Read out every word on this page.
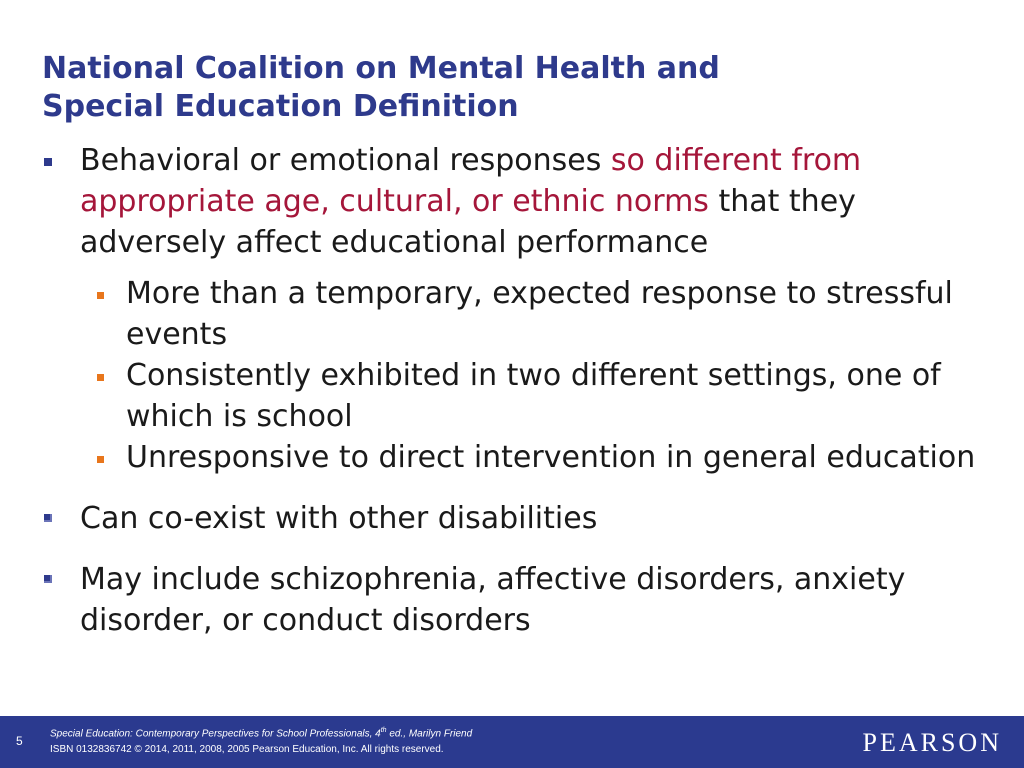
National Coalition on Mental Health and
Special Education Definition
Behavioral or emotional responses so different from appropriate age, cultural, or ethnic norms that they adversely affect educational performance
More than a temporary, expected response to stressful events
Consistently exhibited in two different settings, one of which is school
Unresponsive to direct intervention in general education
Can co-exist with other disabilities
May include schizophrenia, affective disorders, anxiety disorder, or conduct disorders
5
Special Education: Contemporary Perspectives for School Professionals, 4th ed., Marilyn Friend
ISBN 0132836742 © 2014, 2011, 2008, 2005 Pearson Education, Inc. All rights reserved.	PEARSON
